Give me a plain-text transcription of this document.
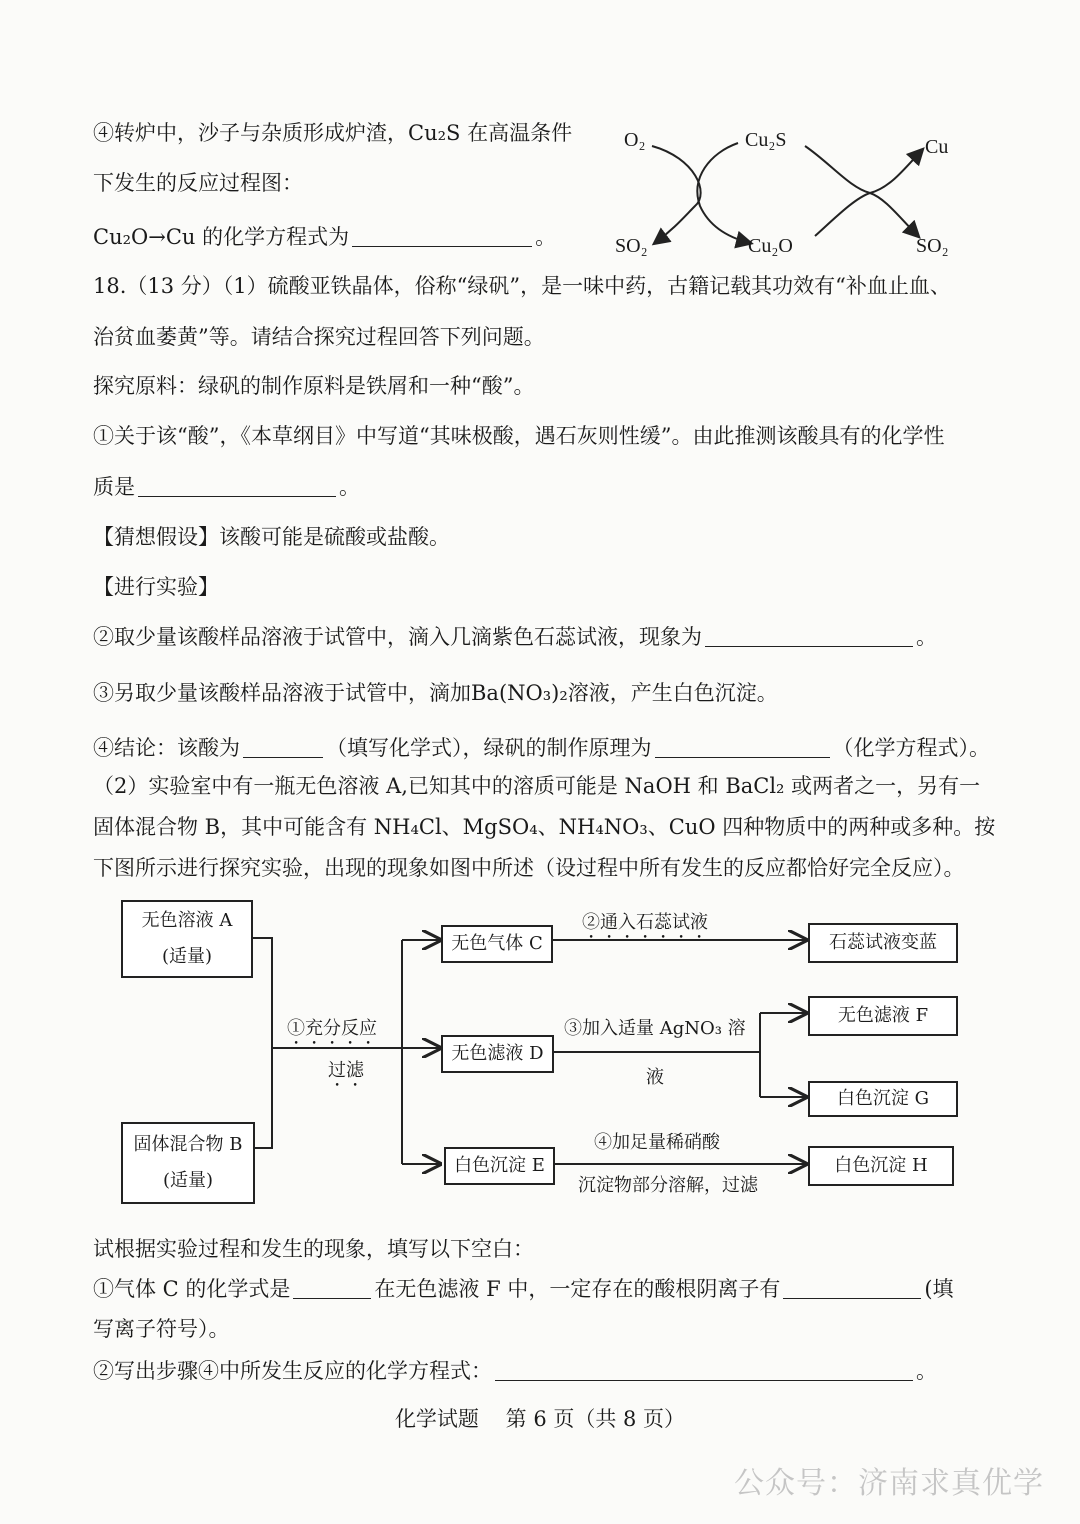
④转炉中，沙子与杂质形成炉渣，Cu₂S 在高温条件
下发生的反应过程图：
Cu₂O→Cu 的化学方程式为	。
O₂	Cu₂S	Cu
SO₂	Cu₂O	SO₂
18.（13 分）（1）硫酸亚铁晶体，俗称“绿矾”，是一味中药，古籍记载其功效有“补血止血、
治贫血萎黄”等。请结合探究过程回答下列问题。
探究原料：绿矾的制作原料是铁屑和一种“酸”。
①关于该“酸”，《本草纲目》中写道“其味极酸，遇石灰则性缓”。由此推测该酸具有的化学性
质是	。
【猜想假设】该酸可能是硫酸或盐酸。
【进行实验】
②取少量该酸样品溶液于试管中，滴入几滴紫色石蕊试液，现象为	。
③另取少量该酸样品溶液于试管中，滴加Ba(NO₃)₂溶液，产生白色沉淀。
④结论：该酸为	（填写化学式），绿矾的制作原理为	（化学方程式）。
（2）实验室中有一瓶无色溶液 A,已知其中的溶质可能是 NaOH 和 BaCl₂ 或两者之一，另有一
固体混合物 B，其中可能含有 NH₄Cl、MgSO₄、NH₄NO₃、CuO 四种物质中的两种或多种。按
下图所示进行探究实验，出现的现象如图中所述（设过程中所有发生的反应都恰好完全反应）。
无色溶液 A
(适量)
固体混合物 B
(适量)
无色气体 C
无色滤液 D
白色沉淀 E
石蕊试液变蓝
无色滤液 F
白色沉淀 G
白色沉淀 H
①充分反应
过滤
②通入石蕊试液
③加入适量 AgNO₃ 溶
液
④加足量稀硝酸
沉淀物部分溶解，过滤
试根据实验过程和发生的现象，填写以下空白：
①气体 C 的化学式是	在无色滤液 F 中，一定存在的酸根阴离子有	(填
写离子符号）。
②写出步骤④中所发生反应的化学方程式：	。
化学试题    第 6 页（共 8 页）
公众号：济南求真优学
